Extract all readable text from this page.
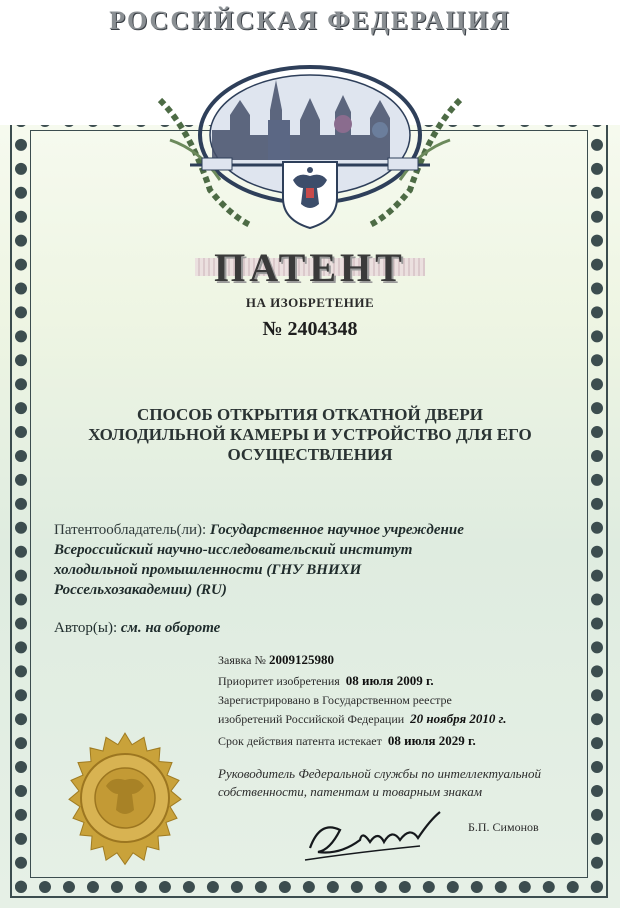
РОССИЙСКАЯ ФЕДЕРАЦИЯ
ПАТЕНТ
НА ИЗОБРЕТЕНИЕ
№ 2404348
СПОСОБ ОТКРЫТИЯ ОТКАТНОЙ ДВЕРИ
ХОЛОДИЛЬНОЙ КАМЕРЫ И УСТРОЙСТВО ДЛЯ ЕГО
ОСУЩЕСТВЛЕНИЯ
Патентообладатель(ли): Государственное научное учреждение
Всероссийский научно-исследовательский институт
холодильной промышленности (ГНУ ВНИХИ
Россельхозакадемии) (RU)
Автор(ы): см. на обороте
Заявка № 2009125980
Приоритет изобретения 08 июля 2009 г.
Зарегистрировано в Государственном реестре
изобретений Российской Федерации 20 ноября 2010 г.
Срок действия патента истекает 08 июля 2029 г.
Руководитель Федеральной службы по интеллектуальной
собственности, патентам и товарным знакам
Б.П. Симонов
